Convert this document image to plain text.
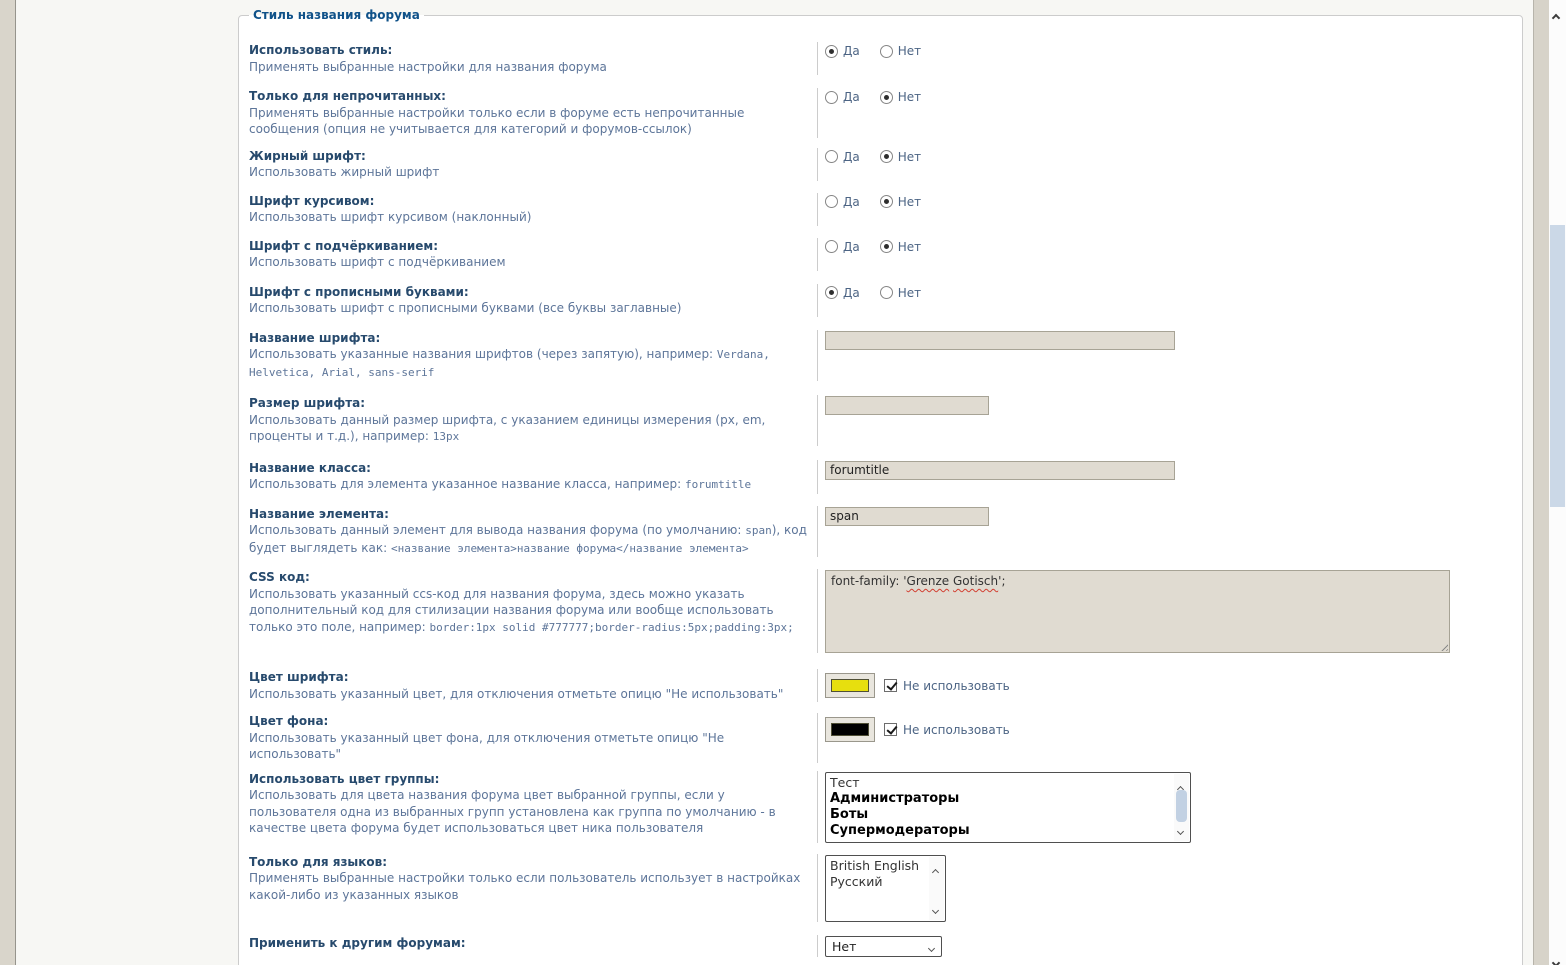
Стиль названия форума
Использовать стиль:
Применять выбранные настройки для названия форума
Да	Нет
Только для непрочитанных:
Применять выбранные настройки только если в форуме есть непрочитанные сообщения (опция не учитывается для категорий и форумов-ссылок)
Да	Нет
Жирный шрифт:
Использовать жирный шрифт
Да	Нет
Шрифт курсивом:
Использовать шрифт курсивом (наклонный)
Да	Нет
Шрифт с подчёркиванием:
Использовать шрифт с подчёркиванием
Да	Нет
Шрифт с прописными буквами:
Использовать шрифт с прописными буквами (все буквы заглавные)
Да	Нет
Название шрифта:
Использовать указанные названия шрифтов (через запятую), например: Verdana, Helvetica, Arial, sans-serif
Размер шрифта:
Использовать данный размер шрифта, с указанием единицы измерения (px, em, проценты и т.д.), например: 13px
Название класса:
Использовать для элемента указанное название класса, например: forumtitle
forumtitle
Название элемента:
Использовать данный элемент для вывода названия форума (по умолчанию: span), код будет выглядеть как: <название элемента>название форума</название элемента>
span
CSS код:
Использовать указанный ccs-код для названия форума, здесь можно указать дополнительный код для стилизации названия форума или вообще использовать только это поле, например: border:1px solid #777777;border-radius:5px;padding:3px;
font-family: 'Grenze Gotisch';
Цвет шрифта:
Использовать указанный цвет, для отключения отметьте опицю "Не использовать"
Не использовать
Цвет фона:
Использовать указанный цвет фона, для отключения отметьте опицю "Не использовать"
Не использовать
Использовать цвет группы:
Использовать для цвета названия форума цвет выбранной группы, если у пользователя одна из выбранных групп установлена как группа по умолчанию - в качестве цвета форума будет использоваться цвет ника пользователя
Тест
Администраторы
Боты
Супермодераторы
Только для языков:
Применять выбранные настройки только если пользователь использует в настройках какой-либо из указанных языков
British English
Русский
Применить к другим форумам:	Нет
